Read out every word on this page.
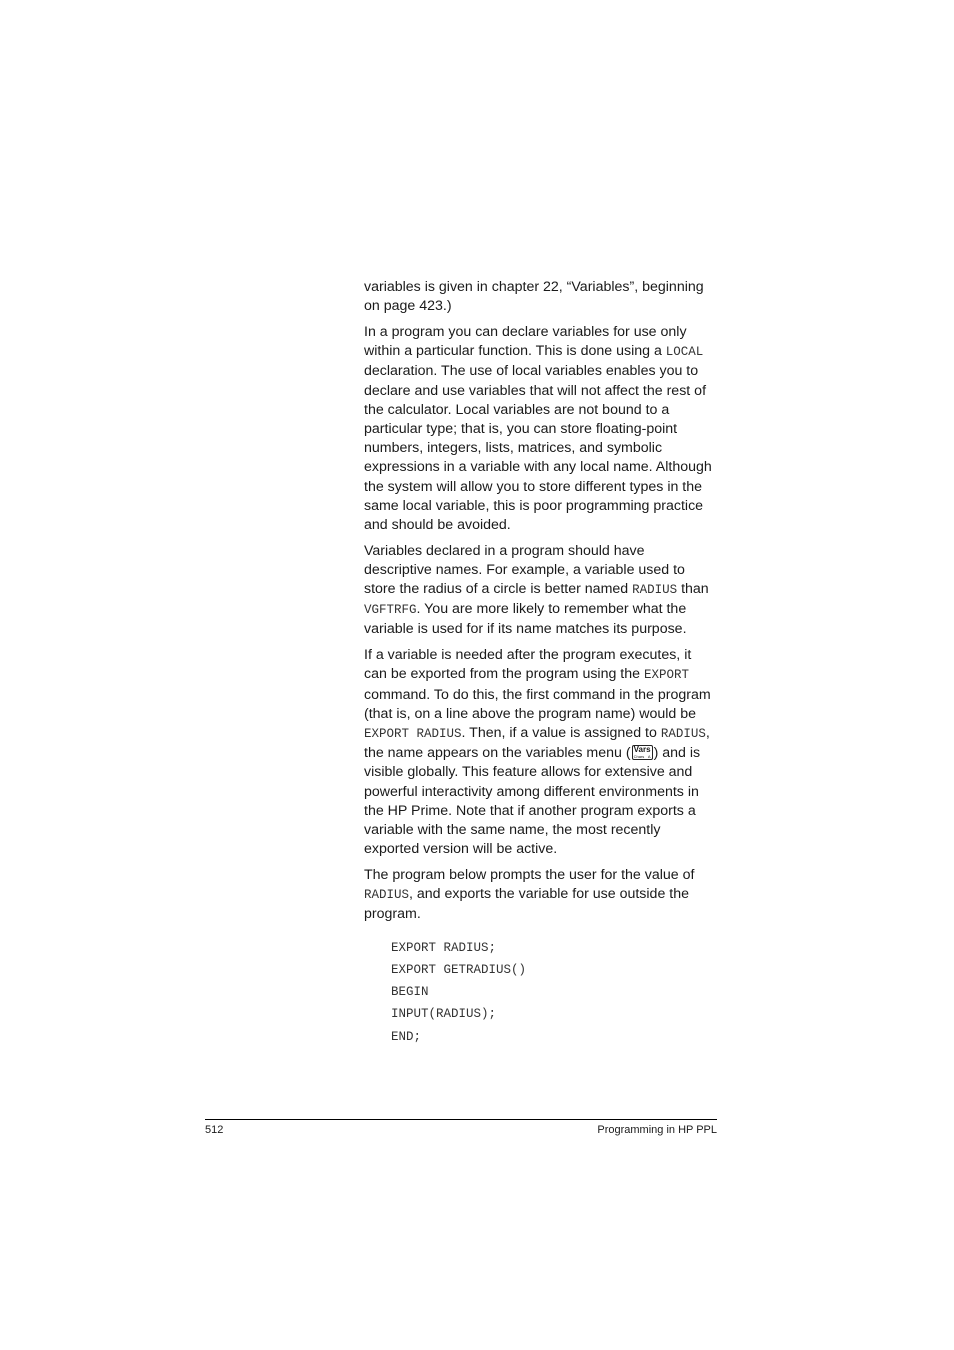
variables is given in chapter 22, “Variables”, beginning on page 423.)

In a program you can declare variables for use only within a particular function. This is done using a LOCAL declaration. The use of local variables enables you to declare and use variables that will not affect the rest of the calculator. Local variables are not bound to a particular type; that is, you can store floating-point numbers, integers, lists, matrices, and symbolic expressions in a variable with any local name. Although the system will allow you to store different types in the same local variable, this is poor programming practice and should be avoided.

Variables declared in a program should have descriptive names. For example, a variable used to store the radius of a circle is better named RADIUS than VGFTRFG. You are more likely to remember what the variable is used for if its name matches its purpose.

If a variable is needed after the program executes, it can be exported from the program using the EXPORT command. To do this, the first command in the program (that is, on a line above the program name) would be EXPORT RADIUS. Then, if a value is assigned to RADIUS, the name appears on the variables menu ( Vars
Chars A ) and is visible globally. This feature allows for extensive and powerful interactivity among different environments in the HP Prime. Note that if another program exports a variable with the same name, the most recently exported version will be active.

The program below prompts the user for the value of RADIUS, and exports the variable for use outside the program.

EXPORT RADIUS;
EXPORT GETRADIUS()
BEGIN
INPUT(RADIUS);
END;
512	Programming in HP PPL
